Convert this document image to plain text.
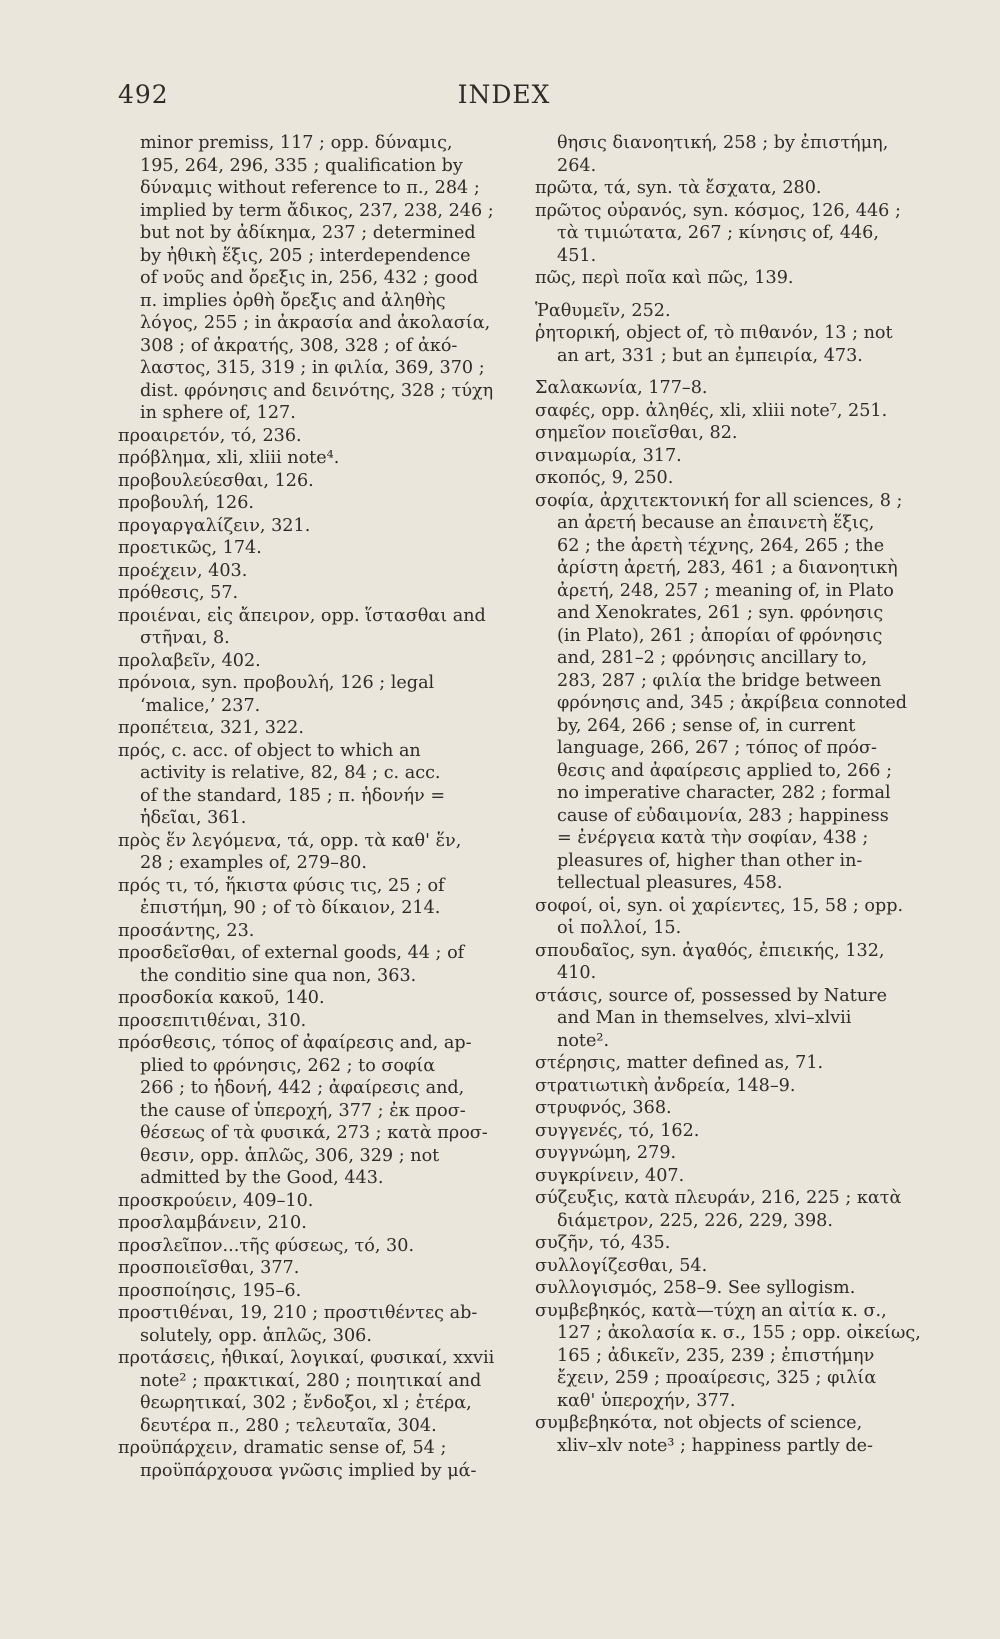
492	INDEX
minor premiss, 117 ; opp. δύναμις,
195, 264, 296, 335 ; qualification by
δύναμις without reference to π., 284 ;
implied by term ἄδικος, 237, 238, 246 ;
but not by ἀδίκημα, 237 ; determined
by ἠθικὴ ἕξις, 205 ; interdependence
of νοῦς and ὄρεξις in, 256, 432 ; good
π. implies ὀρθὴ ὄρεξις and ἀληθὴς
λόγος, 255 ; in ἀκρασία and ἀκολασία,
308 ; of ἀκρατής, 308, 328 ; of ἀκό-
λαστος, 315, 319 ; in φιλία, 369, 370 ;
dist. φρόνησις and δεινότης, 328 ; τύχη
in sphere of, 127.
προαιρετόν, τό, 236.
πρόβλημα, xli, xliii note⁴.
προβουλεύεσθαι, 126.
προβουλή, 126.
προγαργαλίζειν, 321.
προετικῶς, 174.
προέχειν, 403.
πρόθεσις, 57.
προιέναι, εἰς ἄπειρον, opp. ἵστασθαι and
στῆναι, 8.
προλαβεῖν, 402.
πρόνοια, syn. προβουλή, 126 ; legal
‘malice,’ 237.
προπέτεια, 321, 322.
πρός, c. acc. of object to which an
activity is relative, 82, 84 ; c. acc.
of the standard, 185 ; π. ἡδονήν =
ἡδεῖαι, 361.
πρὸς ἕν λεγόμενα, τά, opp. τὰ καθ' ἕν,
28 ; examples of, 279–80.
πρός τι, τό, ἥκιστα φύσις τις, 25 ; of
ἐπιστήμη, 90 ; of τὸ δίκαιον, 214.
προσάντης, 23.
προσδεῖσθαι, of external goods, 44 ; of
the conditio sine qua non, 363.
προσδοκία κακοῦ, 140.
προσεπιτιθέναι, 310.
πρόσθεσις, τόπος of ἀφαίρεσις and, ap-
plied to φρόνησις, 262 ; to σοφία
266 ; to ἡδονή, 442 ; ἀφαίρεσις and,
the cause of ὑπεροχή, 377 ; ἐκ προσ-
θέσεως of τὰ φυσικά, 273 ; κατὰ προσ-
θεσιν, opp. ἁπλῶς, 306, 329 ; not
admitted by the Good, 443.
προσκρούειν, 409–10.
προσλαμβάνειν, 210.
προσλεῖπον...τῆς φύσεως, τό, 30.
προσποιεῖσθαι, 377.
προσποίησις, 195–6.
προστιθέναι, 19, 210 ; προστιθέντες ab-
solutely, opp. ἁπλῶς, 306.
προτάσεις, ἠθικαί, λογικαί, φυσικαί, xxvii
note² ; πρακτικαί, 280 ; ποιητικαί and
θεωρητικαί, 302 ; ἔνδοξοι, xl ; ἑτέρα,
δευτέρα π., 280 ; τελευταῖα, 304.
προϋπάρχειν, dramatic sense of, 54 ;
προϋπάρχουσα γνῶσις implied by μά-
θησις διανοητική, 258 ; by ἐπιστήμη,
264.
πρῶτα, τά, syn. τὰ ἔσχατα, 280.
πρῶτος οὐρανός, syn. κόσμος, 126, 446 ;
τὰ τιμιώτατα, 267 ; κίνησις of, 446,
451.
πῶς, περὶ ποῖα καὶ πῶς, 139.
Ῥαθυμεῖν, 252.
ῥητορική, object of, τὸ πιθανόν, 13 ; not
an art, 331 ; but an ἐμπειρία, 473.
Σαλακωνία, 177–8.
σαφές, opp. ἀληθές, xli, xliii note⁷, 251.
σημεῖον ποιεῖσθαι, 82.
σιναμωρία, 317.
σκοπός, 9, 250.
σοφία, ἀρχιτεκτονική for all sciences, 8 ;
an ἀρετή because an ἐπαινετὴ ἕξις,
62 ; the ἀρετὴ τέχνης, 264, 265 ; the
ἀρίστη ἀρετή, 283, 461 ; a διανοητικὴ
ἀρετή, 248, 257 ; meaning of, in Plato
and Xenokrates, 261 ; syn. φρόνησις
(in Plato), 261 ; ἀπορίαι of φρόνησις
and, 281–2 ; φρόνησις ancillary to,
283, 287 ; φιλία the bridge between
φρόνησις and, 345 ; ἀκρίβεια connoted
by, 264, 266 ; sense of, in current
language, 266, 267 ; τόπος of πρόσ-
θεσις and ἀφαίρεσις applied to, 266 ;
no imperative character, 282 ; formal
cause of εὐδαιμονία, 283 ; happiness
= ἐνέργεια κατὰ τὴν σοφίαν, 438 ;
pleasures of, higher than other in-
tellectual pleasures, 458.
σοφοί, οἱ, syn. οἱ χαρίεντες, 15, 58 ; opp.
οἱ πολλοί, 15.
σπουδαῖος, syn. ἀγαθός, ἐπιεικής, 132,
410.
στάσις, source of, possessed by Nature
and Man in themselves, xlvi–xlvii
note².
στέρησις, matter defined as, 71.
στρατιωτικὴ ἀνδρεία, 148–9.
στρυφνός, 368.
συγγενές, τό, 162.
συγγνώμη, 279.
συγκρίνειν, 407.
σύζευξις, κατὰ πλευράν, 216, 225 ; κατὰ
διάμετρον, 225, 226, 229, 398.
συζῆν, τό, 435.
συλλογίζεσθαι, 54.
συλλογισμός, 258–9. See syllogism.
συμβεβηκός, κατὰ—τύχη an αἰτία κ. σ.,
127 ; ἀκολασία κ. σ., 155 ; opp. οἰκείως,
165 ; ἀδικεῖν, 235, 239 ; ἐπιστήμην
ἔχειν, 259 ; προαίρεσις, 325 ; φιλία
καθ' ὑπεροχήν, 377.
συμβεβηκότα, not objects of science,
xliv–xlv note³ ; happiness partly de-
